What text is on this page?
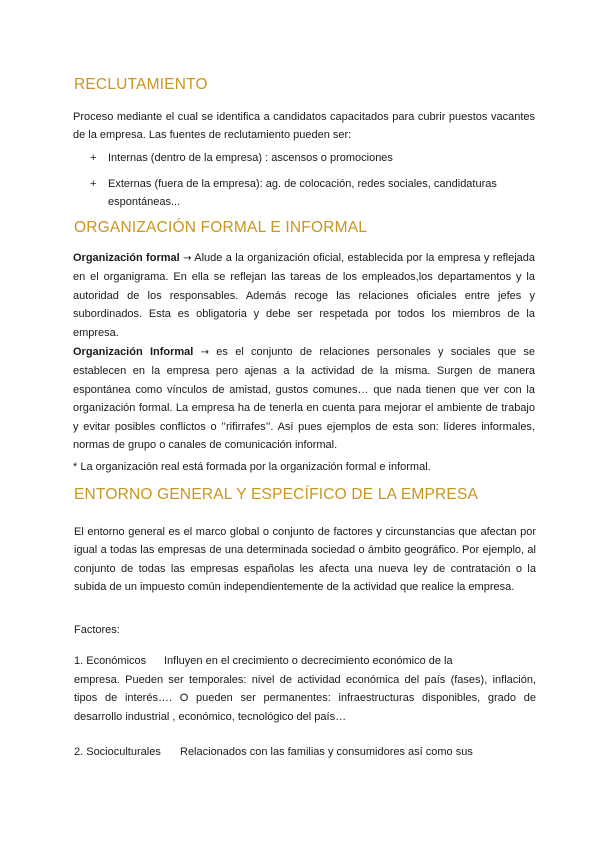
RECLUTAMIENTO

Proceso mediante el cual se identifica a candidatos capacitados para cubrir puestos vacantes de la empresa. Las fuentes de reclutamiento pueden ser:

+ Internas (dentro de la empresa) : ascensos o promociones

+ Externas (fuera de la empresa): ag. de colocación, redes sociales, candidaturas espontáneas...

ORGANIZACIÓN FORMAL E INFORMAL

Organización formal → Alude a la organización oficial, establecida por la empresa y reflejada en el organigrama. En ella se reflejan las tareas de los empleados,los departamentos y la autoridad de los responsables. Además recoge las relaciones oficiales entre jefes y subordinados. Esta es obligatoria y debe ser respetada por todos los miembros de la empresa.

Organización Informal → es el conjunto de relaciones personales y sociales que se establecen en la empresa pero ajenas a la actividad de la misma. Surgen de manera espontánea como vínculos de amistad, gustos comunes… que nada tienen que ver con la organización formal. La empresa ha de tenerla en cuenta para mejorar el ambiente de trabajo y evitar posibles conflictos o ’’rifirrafes’’. Así pues ejemplos de esta son: líderes informales, normas de grupo o canales de comunicación informal.

* La organización real está formada por la organización formal e informal.

ENTORNO GENERAL Y ESPECÍFICO DE LA EMPRESA

El entorno general es el marco global o conjunto de factores y circunstancias que afectan por igual a todas las empresas de una determinada sociedad o ámbito geográfico. Por ejemplo, al conjunto de todas las empresas españolas les afecta una nueva ley de contratación o la subida de un impuesto común independientemente de la actividad que realice la empresa.

Factores:

1. Económicos Influyen en el crecimiento o decrecimiento económico de la

empresa. Pueden ser temporales: nivel de actividad económica del país (fases), inflación, tipos de interés…. O pueden ser permanentes: infraestructuras disponibles, grado de desarrollo industrial , económico, tecnológico del país…

2. Socioculturales Relacionados con las familias y consumidores así como sus
